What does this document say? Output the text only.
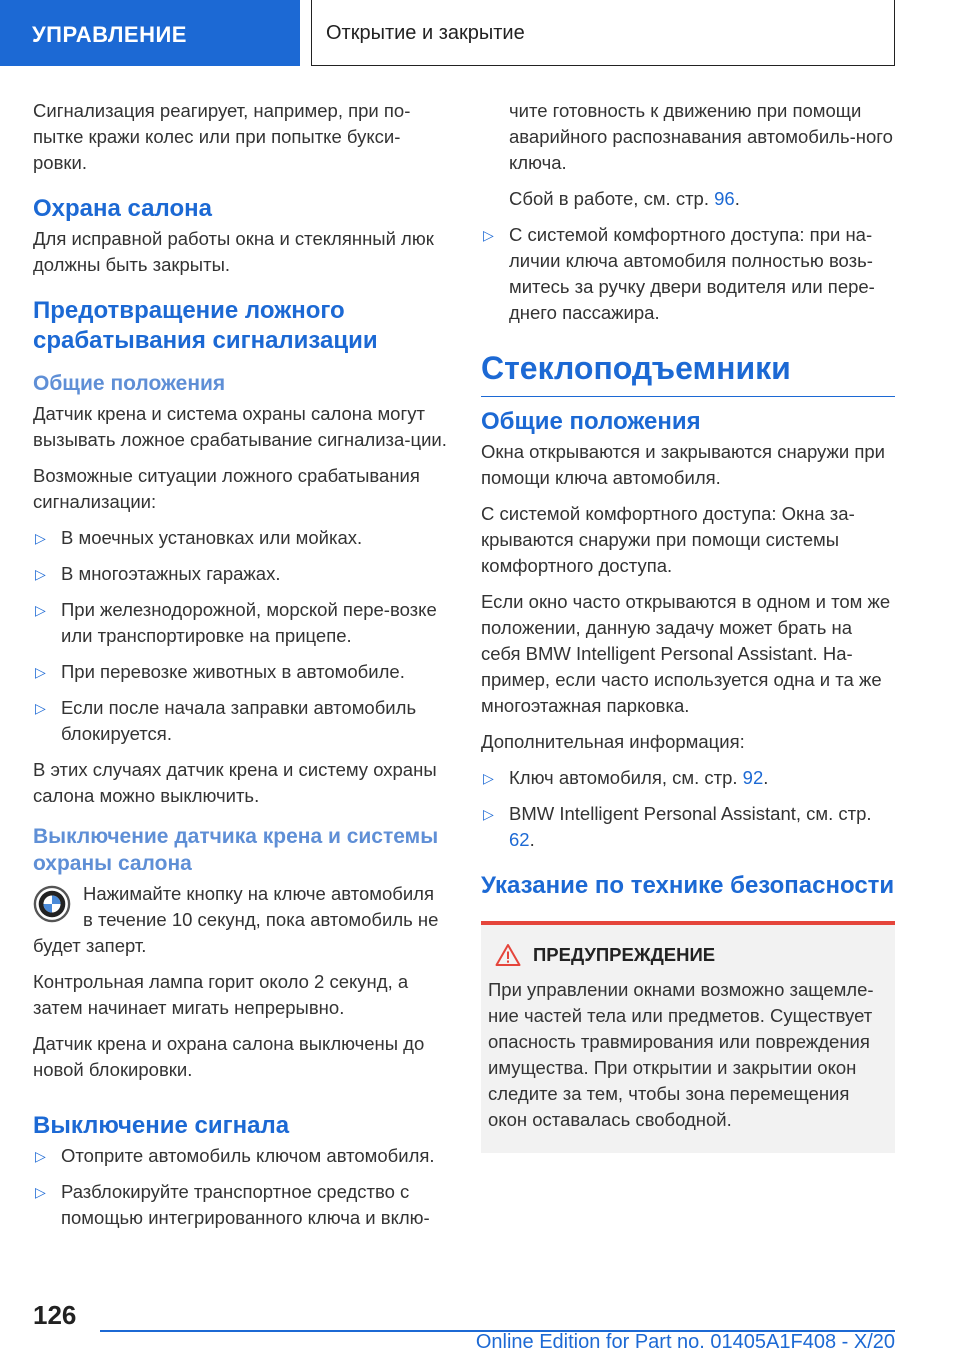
УПРАВЛЕНИЕ	Открытие и закрытие

Сигнализация реагирует, например, при по-пытке кражи колес или при попытке букси-ровки.

Охрана салона

Для исправной работы окна и стеклянный люк должны быть закрыты.

Предотвращение ложного срабатывания сигнализации
Общие положения

Датчик крена и система охраны салона могут вызывать ложное срабатывание сигнализа-ции.

Возможные ситуации ложного срабатывания сигнализации:

▷ В моечных установках или мойках.
▷ В многоэтажных гаражах.
▷ При железнодорожной, морской пере-возке или транспортировке на прицепе.
▷ При перевозке животных в автомобиле.
▷ Если после начала заправки автомобиль блокируется.

В этих случаях датчик крена и систему охраны салона можно выключить.

Выключение датчика крена и системы охраны салона

Нажимайте кнопку на ключе автомобиля в течение 10 секунд, пока автомобиль не будет заперт.

Контрольная лампа горит около 2 секунд, а затем начинает мигать непрерывно.

Датчик крена и охрана салона выключены до новой блокировки.

Выключение сигнала
▷ Отоприте автомобиль ключом автомобиля.
▷ Разблокируйте транспортное средство с помощью интегрированного ключа и вклю-

чите готовность к движению при помощи аварийного распознавания автомобиль-ного ключа.

Сбой в работе, см. стр. 96.

▷ С системой комфортного доступа: при на-личии ключа автомобиля полностью возь-митесь за ручку двери водителя или пере-днего пассажира.
Стеклоподъемники
Общие положения

Окна открываются и закрываются снаружи при помощи ключа автомобиля.

С системой комфортного доступа: Окна за-крываются снаружи при помощи системы комфортного доступа.

Если окно часто открываются в одном и том же положении, данную задачу может брать на себя BMW Intelligent Personal Assistant. На-пример, если часто используется одна и та же многоэтажная парковка.

Дополнительная информация:

▷ Ключ автомобиля, см. стр. 92.
▷ BMW Intelligent Personal Assistant, см. стр. 62.
Указание по технике безопасности
ПРЕДУПРЕЖДЕНИЕ

При управлении окнами возможно защемле-ние частей тела или предметов. Существует опасность травмирования или повреждения имущества. При открытии и закрытии окон следите за тем, чтобы зона перемещения окон оставалась свободной.

126
Online Edition for Part no. 01405A1F408 - X/20
